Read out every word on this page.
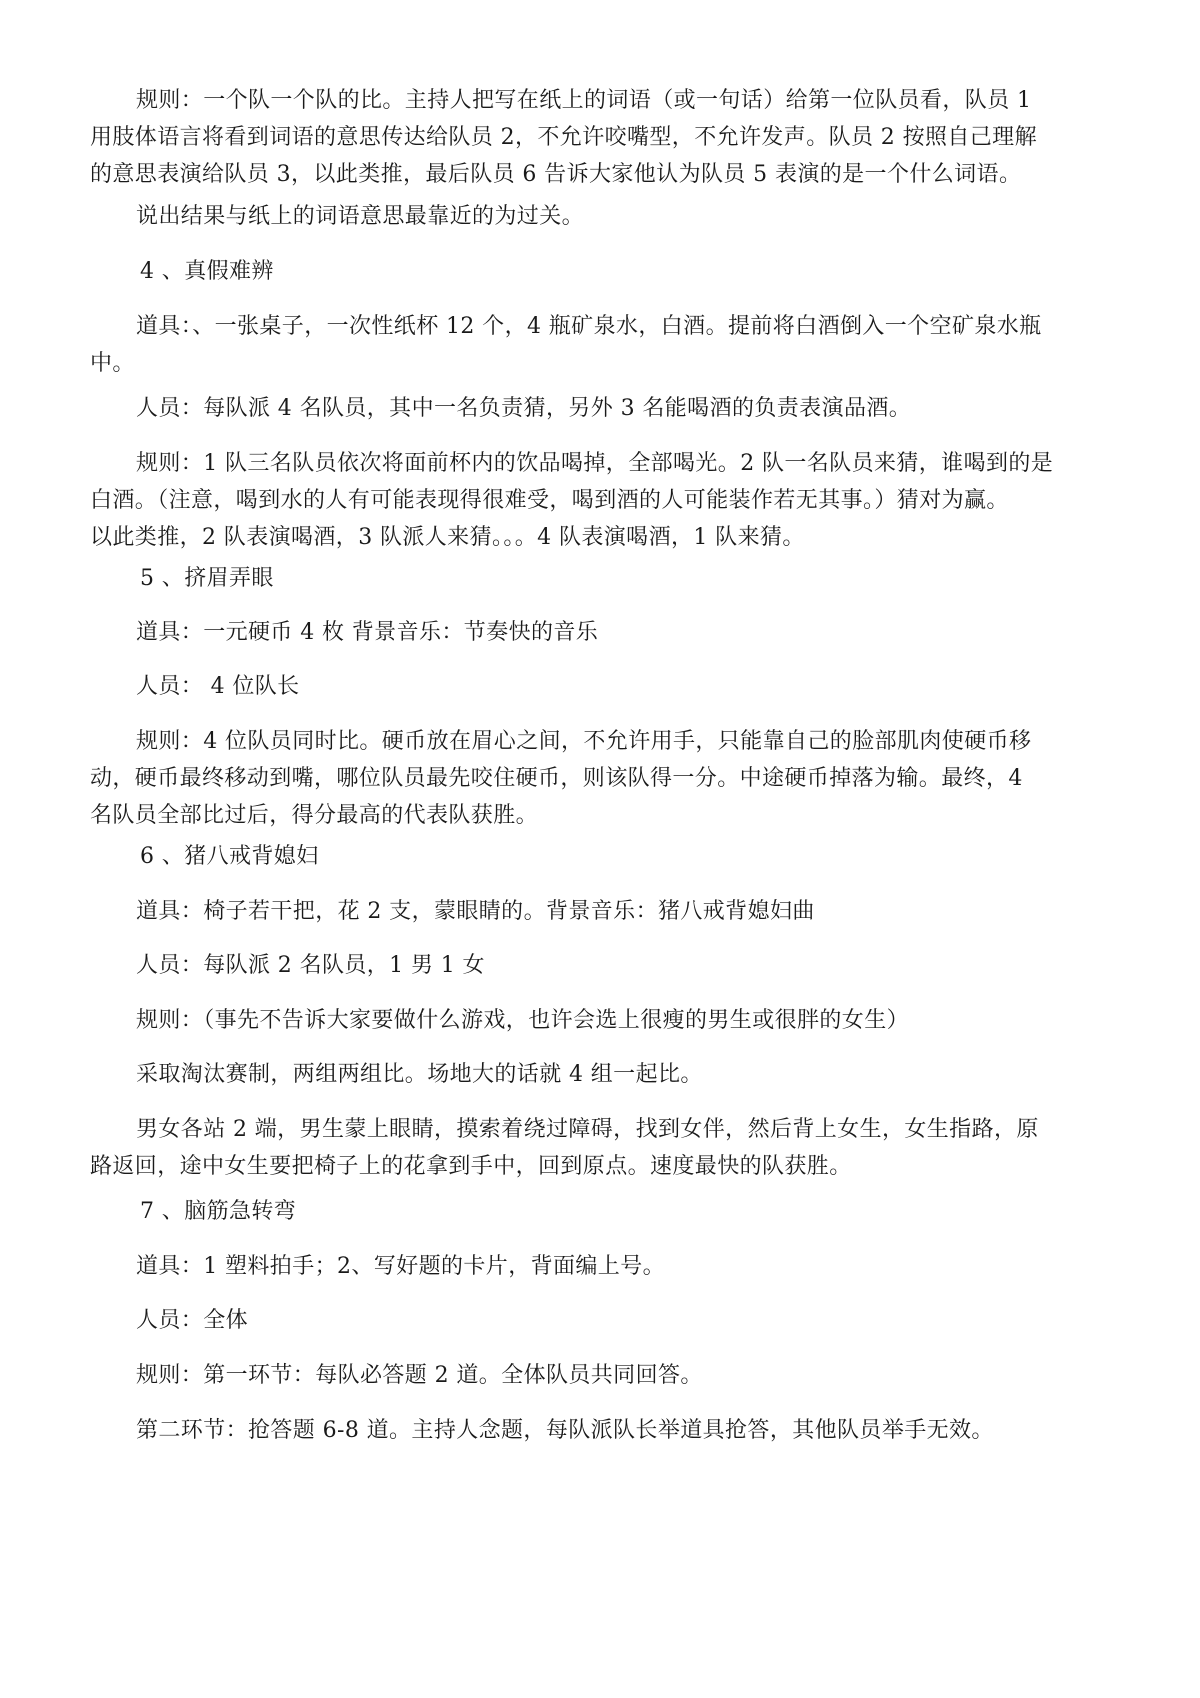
规则：一个队一个队的比。主持人把写在纸上的词语（或一句话）给第一位队员看，队员 1
用肢体语言将看到词语的意思传达给队员 2，不允许咬嘴型，不允许发声。队员 2 按照自己理解
的意思表演给队员 3，以此类推，最后队员 6 告诉大家他认为队员 5 表演的是一个什么词语。
说出结果与纸上的词语意思最靠近的为过关。
4 、真假难辨
道具：、一张桌子，一次性纸杯 12 个，4 瓶矿泉水，白酒。提前将白酒倒入一个空矿泉水瓶
中。
人员：每队派 4 名队员，其中一名负责猜，另外 3 名能喝酒的负责表演品酒。
规则：1 队三名队员依次将面前杯内的饮品喝掉，全部喝光。2 队一名队员来猜，谁喝到的是
白酒。（注意，喝到水的人有可能表现得很难受，喝到酒的人可能装作若无其事。）猜对为赢。
以此类推，2 队表演喝酒，3 队派人来猜。。。4 队表演喝酒，1 队来猜。
5 、挤眉弄眼
道具：一元硬币 4 枚 背景音乐：节奏快的音乐
人员： 4 位队长
规则：4 位队员同时比。硬币放在眉心之间，不允许用手，只能靠自己的脸部肌肉使硬币移
动，硬币最终移动到嘴，哪位队员最先咬住硬币，则该队得一分。中途硬币掉落为输。最终，4
名队员全部比过后，得分最高的代表队获胜。
6 、猪八戒背媳妇
道具：椅子若干把，花 2 支，蒙眼睛的。背景音乐：猪八戒背媳妇曲
人员：每队派 2 名队员，1 男 1 女
规则：（事先不告诉大家要做什么游戏，也许会选上很瘦的男生或很胖的女生）
采取淘汰赛制，两组两组比。场地大的话就 4 组一起比。
男女各站 2 端，男生蒙上眼睛，摸索着绕过障碍，找到女伴，然后背上女生，女生指路，原
路返回，途中女生要把椅子上的花拿到手中，回到原点。速度最快的队获胜。
7 、脑筋急转弯
道具：1 塑料拍手；2、写好题的卡片，背面编上号。
人员：全体
规则：第一环节：每队必答题 2 道。全体队员共同回答。
第二环节：抢答题 6-8 道。主持人念题，每队派队长举道具抢答，其他队员举手无效。
